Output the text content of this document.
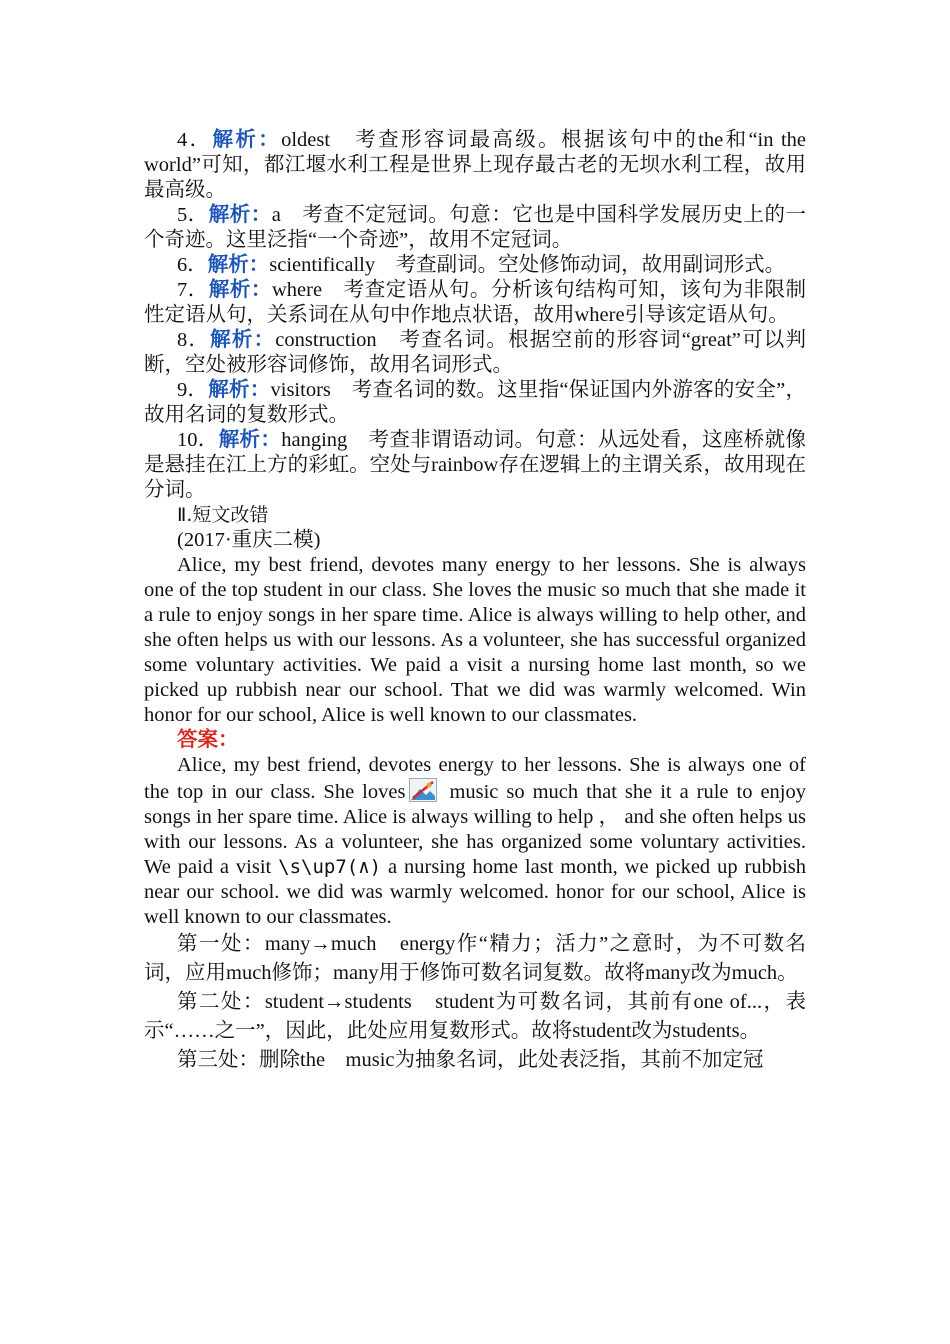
4．解析：oldest　考查形容词最高级。根据该句中的the和“in the world”可知，都江堰水利工程是世界上现存最古老的无坝水利工程，故用最高级。

5．解析：a　考查不定冠词。句意：它也是中国科学发展历史上的一个奇迹。这里泛指“一个奇迹”，故用不定冠词。

6．解析：scientifically　考查副词。空处修饰动词，故用副词形式。

7．解析：where　考查定语从句。分析该句结构可知，该句为非限制性定语从句，关系词在从句中作地点状语，故用where引导该定语从句。

8．解析：construction　考查名词。根据空前的形容词“great”可以判断，空处被形容词修饰，故用名词形式。

9．解析：visitors　考查名词的数。这里指“保证国内外游客的安全”，故用名词的复数形式。

10．解析：hanging　考查非谓语动词。句意：从远处看，这座桥就像是悬挂在江上方的彩虹。空处与rainbow存在逻辑上的主谓关系，故用现在分词。

Ⅱ.短文改错

(2017·重庆二模)

Alice, my best friend, devotes many energy to her lessons. She is always one of the top student in our class. She loves the music so much that she made it a rule to enjoy songs in her spare time. Alice is always willing to help other, and she often helps us with our lessons. As a volunteer, she has successful organized some voluntary activities. We paid a visit a nursing home last month, so we picked up rubbish near our school. That we did was warmly welcomed. Win honor for our school, Alice is well known to our classmates.

答案：

Alice, my best friend, devotes energy to her lessons. She is always one of the top in our class. She loves
music so much that she it a rule to enjoy songs in her spare time. Alice is always willing to help ， and she often helps us with our lessons. As a volunteer, she has organized some voluntary activities. We paid a visit \s\up7(∧) a nursing home last month, we picked up rubbish near our school. we did was warmly welcomed. honor for our school, Alice is well known to our classmates.

第一处：many→much　energy作“精力；活力”之意时，为不可数名词，应用much修饰；many用于修饰可数名词复数。故将many改为much。

第二处：student→students　student为可数名词，其前有one of...，表示“……之一”，因此，此处应用复数形式。故将student改为students。

第三处：删除the　music为抽象名词，此处表泛指，其前不加定冠
